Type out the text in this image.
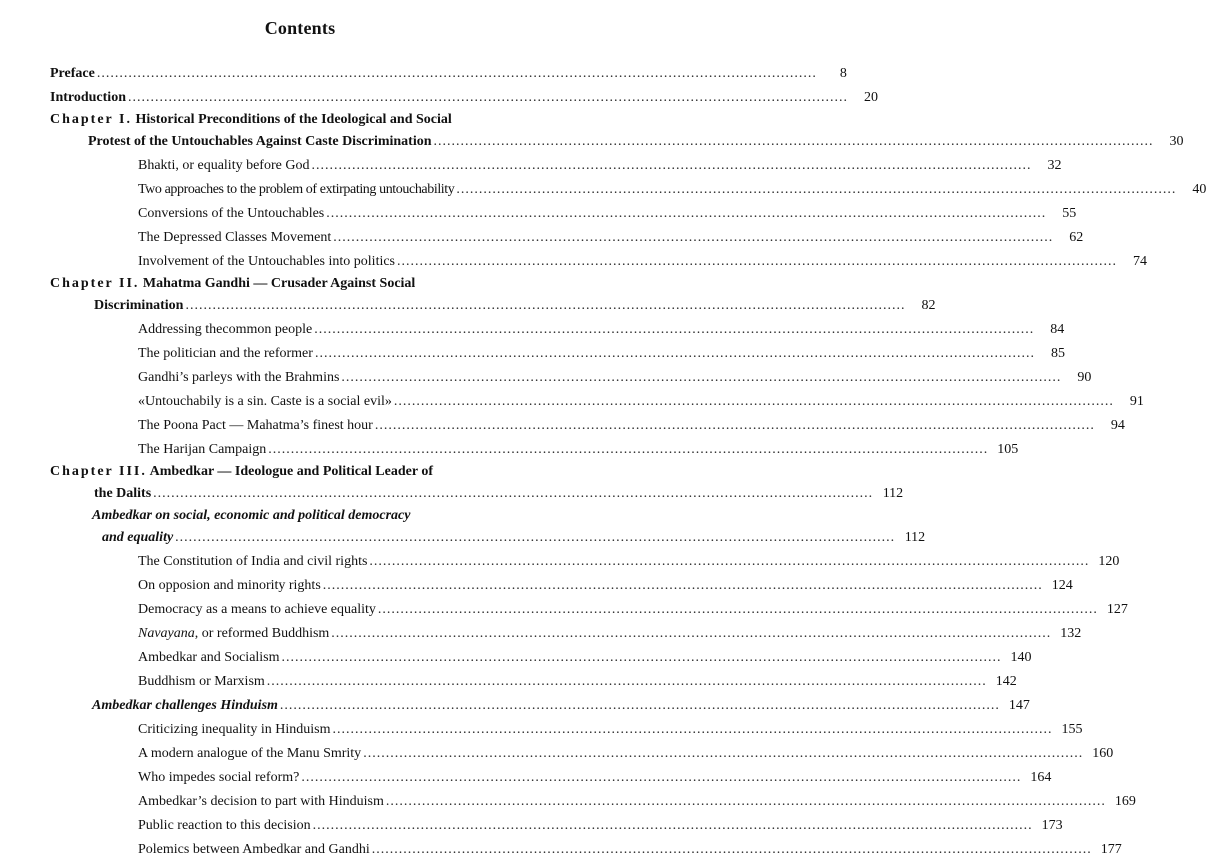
Contents
Preface .....	8
Introduction .....	20
Chapter I. Historical Preconditions of the Ideological and Social
Protest of the Untouchables Against Caste Discrimination .....	30
Bhakti, or equality before God .....	32
Two approaches to the problem of extirpating untouchability .....	40
Conversions of the Untouchables .....	55
The Depressed Classes Movement .....	62
Involvement of the Untouchables into politics .....	74
Chapter II. Mahatma Gandhi — Crusader Against Social
Discrimination .....	82
Addressing thecommon people .....	84
The politician and the reformer .....	85
Gandhi’s parleys with the Brahmins .....	90
«Untouchabily is a sin. Caste is a social evil» .....	91
The Poona Pact — Mahatma’s finest hour .....	94
The Harijan Campaign .....	105
Chapter III. Ambedkar — Ideologue and Political Leader of
the Dalits .....	112
Ambedkar on social, economic and political democracy
and equality .....	112
The Constitution of India and civil rights .....	120
On opposion and minority rights .....	124
Democracy as a means to achieve equality .....	127
Navayana, or reformed Buddhism .....	132
Ambedkar and Socialism .....	140
Buddhism or Marxism .....	142
Ambedkar challenges Hinduism .....	147
Criticizing inequality in Hinduism .....	155
A modern analogue of the Manu Smrity .....	160
Who impedes social reform? .....	164
Ambedkar’s decision to part with Hinduism .....	169
Public reaction to this decision .....	173
Polemics between Ambedkar and Gandhi .....	177
